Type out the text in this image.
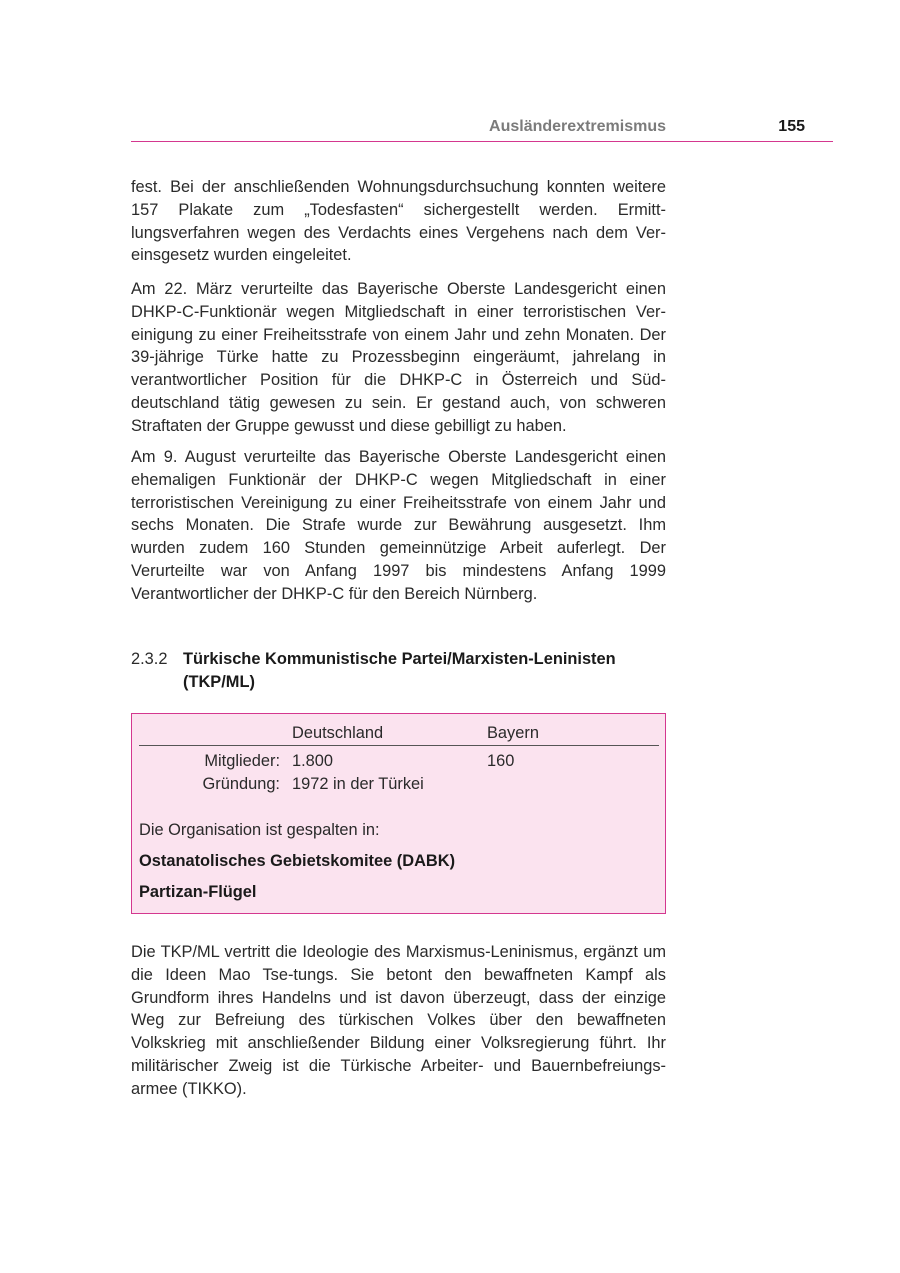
Ausländerextremismus	155

fest. Bei der anschließenden Wohnungsdurchsuchung konnten weitere 157 Plakate zum „Todesfasten“ sichergestellt werden. Ermittlungsverfahren wegen des Verdachts eines Vergehens nach dem Vereinsgesetz wurden eingeleitet.

Am 22. März verurteilte das Bayerische Oberste Landesgericht einen DHKP-C-Funktionär wegen Mitgliedschaft in einer terroristischen Vereinigung zu einer Freiheitsstrafe von einem Jahr und zehn Monaten. Der 39-jährige Türke hatte zu Prozessbeginn eingeräumt, jahrelang in verantwortlicher Position für die DHKP-C in Österreich und Süddeutschland tätig gewesen zu sein. Er gestand auch, von schweren Straftaten der Gruppe gewusst und diese gebilligt zu haben.

Am 9. August verurteilte das Bayerische Oberste Landesgericht einen ehemaligen Funktionär der DHKP-C wegen Mitgliedschaft in einer terroristischen Vereinigung zu einer Freiheitsstrafe von einem Jahr und sechs Monaten. Die Strafe wurde zur Bewährung ausgesetzt. Ihm wurden zudem 160 Stunden gemeinnützige Arbeit auferlegt. Der Verurteilte war von Anfang 1997 bis mindestens Anfang 1999 Verantwortlicher der DHKP-C für den Bereich Nürnberg.

2.3.2 Türkische Kommunistische Partei/Marxisten-Leninisten (TKP/ML)
Deutschland	Bayern
Mitglieder: 1.800	160
Gründung: 1972 in der Türkei
Die Organisation ist gespalten in:
Ostanatolisches Gebietskomitee (DABK)
Partizan-Flügel

Die TKP/ML vertritt die Ideologie des Marxismus-Leninismus, ergänzt um die Ideen Mao Tse-tungs. Sie betont den bewaffneten Kampf als Grundform ihres Handelns und ist davon überzeugt, dass der einzige Weg zur Befreiung des türkischen Volkes über den bewaffneten Volkskrieg mit anschließender Bildung einer Volksregierung führt. Ihr militärischer Zweig ist die Türkische Arbeiter- und Bauernbefreiungsarmee (TIKKO).
